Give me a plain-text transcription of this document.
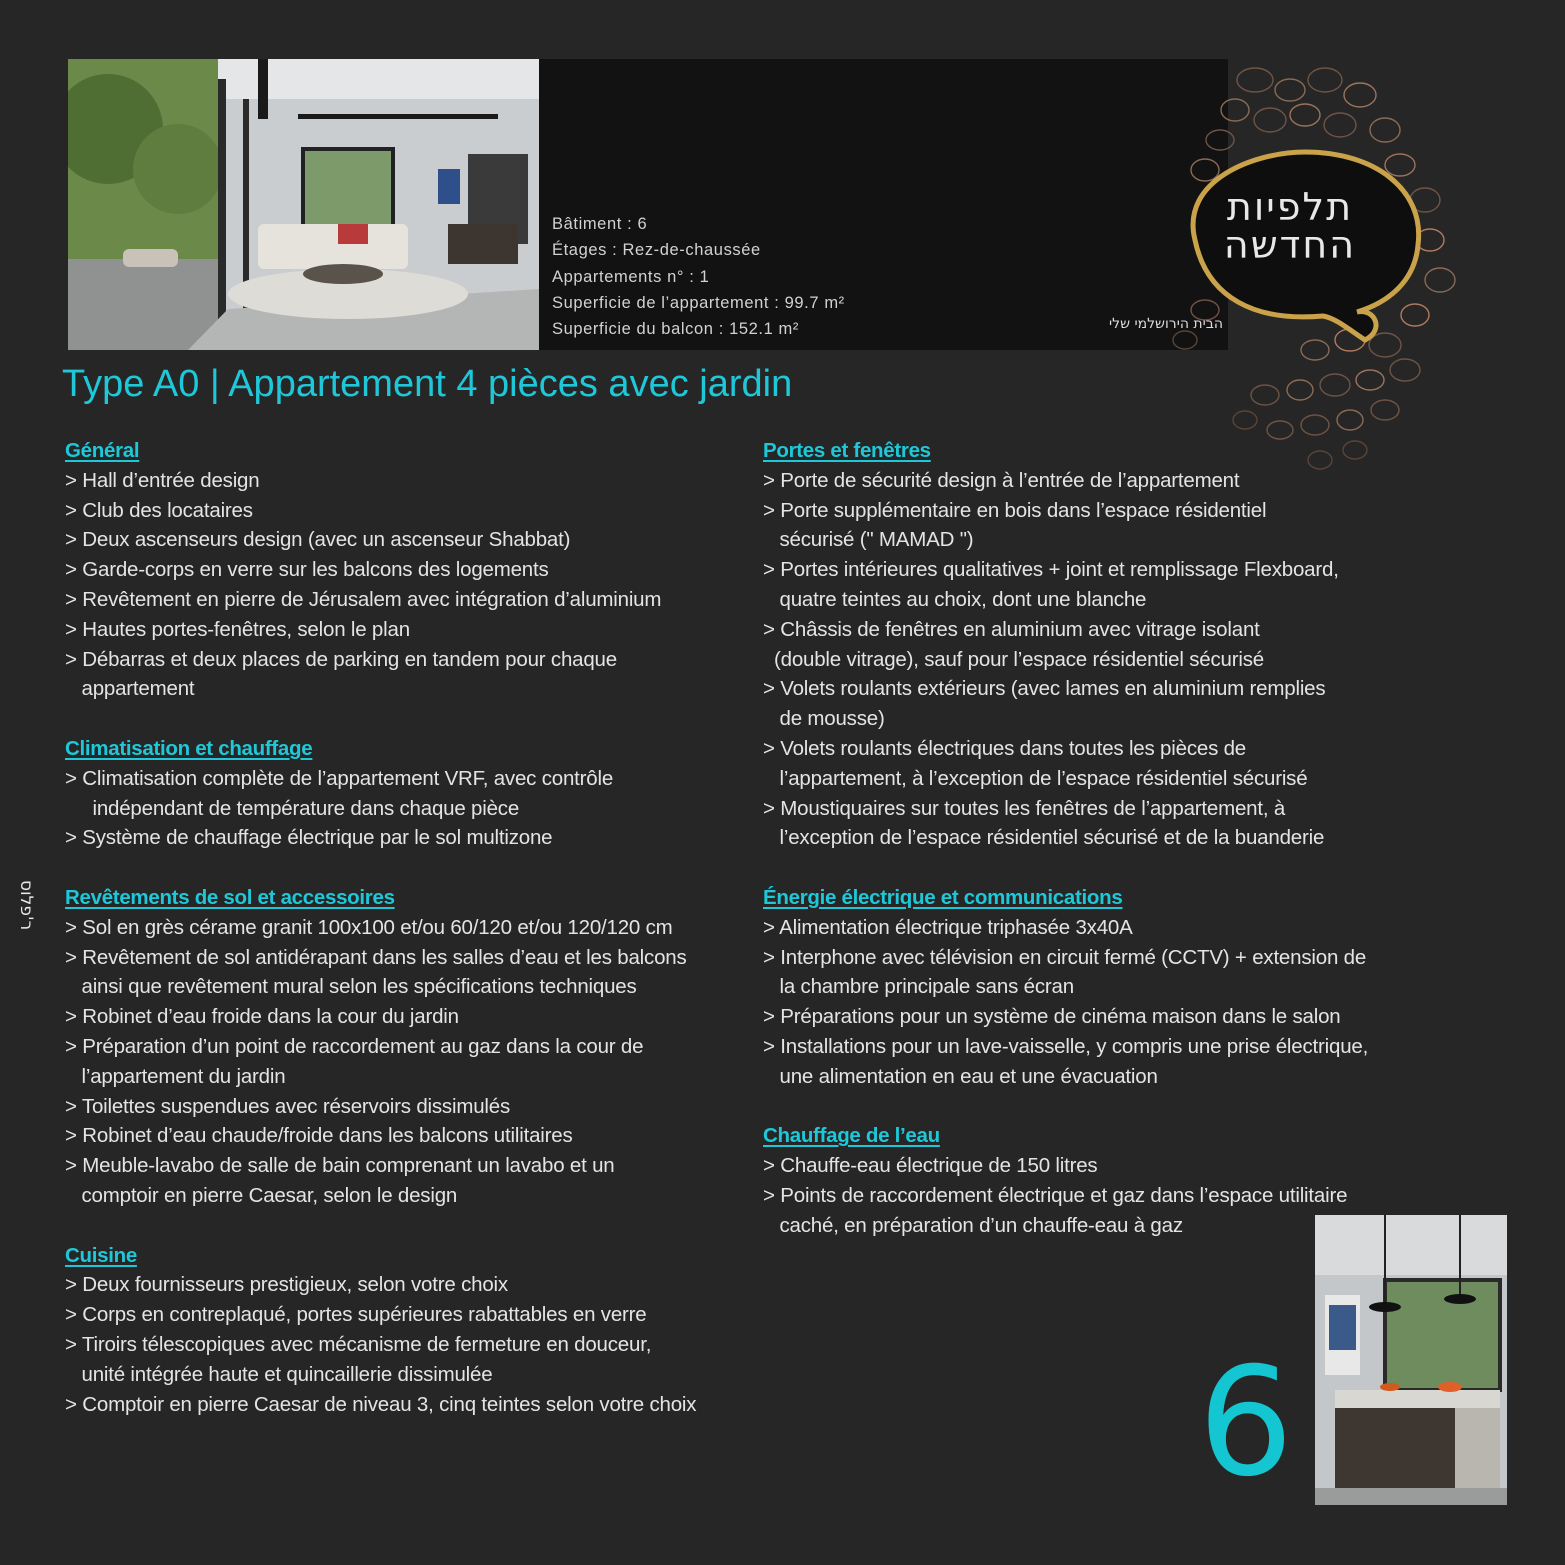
Bâtiment : 6
Étages : Rez-de-chaussée
Appartements n° : 1
Superficie de l’appartement : 99.7 m²
Superficie du balcon : 152.1 m²
תלפיות
החדשה
הבית הירושלמי שלי
Type A0 | Appartement 4 pièces avec jardin
Général
> Hall d’entrée design
> Club des locataires
> Deux ascenseurs design (avec un ascenseur Shabbat)
> Garde-corps en verre sur les balcons des logements
> Revêtement en pierre de Jérusalem avec intégration d’aluminium
> Hautes portes-fenêtres, selon le plan
> Débarras et deux places de parking en tandem pour chaque
appartement
Climatisation et chauffage
> Climatisation complète de l’appartement VRF, avec contrôle
indépendant de température dans chaque pièce
> Système de chauffage électrique par le sol multizone
Revêtements de sol et accessoires
> Sol en grès cérame granit 100x100 et/ou 60/120 et/ou 120/120 cm
> Revêtement de sol antidérapant dans les salles d’eau et les balcons
ainsi que revêtement mural selon les spécifications techniques
> Robinet d’eau froide dans la cour du jardin
> Préparation d’un point de raccordement au gaz dans la cour de
l’appartement du jardin
> Toilettes suspendues avec réservoirs dissimulés
> Robinet d’eau chaude/froide dans les balcons utilitaires
> Meuble-lavabo de salle de bain comprenant un lavabo et un
comptoir en pierre Caesar, selon le design
Cuisine
> Deux fournisseurs prestigieux, selon votre choix
> Corps en contreplaqué, portes supérieures rabattables en verre
> Tiroirs télescopiques avec mécanisme de fermeture en douceur,
unité intégrée haute et quincaillerie dissimulée
> Comptoir en pierre Caesar de niveau 3, cinq teintes selon votre choix
Portes et fenêtres
> Porte de sécurité design à l’entrée de l’appartement
> Porte supplémentaire en bois dans l’espace résidentiel
sécurisé (" MAMAD ")
> Portes intérieures qualitatives + joint et remplissage Flexboard,
quatre teintes au choix, dont une blanche
> Châssis de fenêtres en aluminium avec vitrage isolant
(double vitrage), sauf pour l’espace résidentiel sécurisé
> Volets roulants extérieurs (avec lames en aluminium remplies
de mousse)
> Volets roulants électriques dans toutes les pièces de
l’appartement, à l’exception de l’espace résidentiel sécurisé
> Moustiquaires sur toutes les fenêtres de l’appartement, à
l’exception de l’espace résidentiel sécurisé et de la buanderie
Énergie électrique et communications
> Alimentation électrique triphasée 3x40A
> Interphone avec télévision en circuit fermé (CCTV) + extension de
la chambre principale sans écran
> Préparations pour un système de cinéma maison dans le salon
> Installations pour un lave-vaisselle, y compris une prise électrique,
une alimentation en eau et une évacuation
Chauffage de l’eau
> Chauffe-eau électrique de 150 litres
> Points de raccordement électrique et gaz dans l’espace utilitaire
caché, en préparation d’un chauffe-eau à gaz
6
ר'פלוס
